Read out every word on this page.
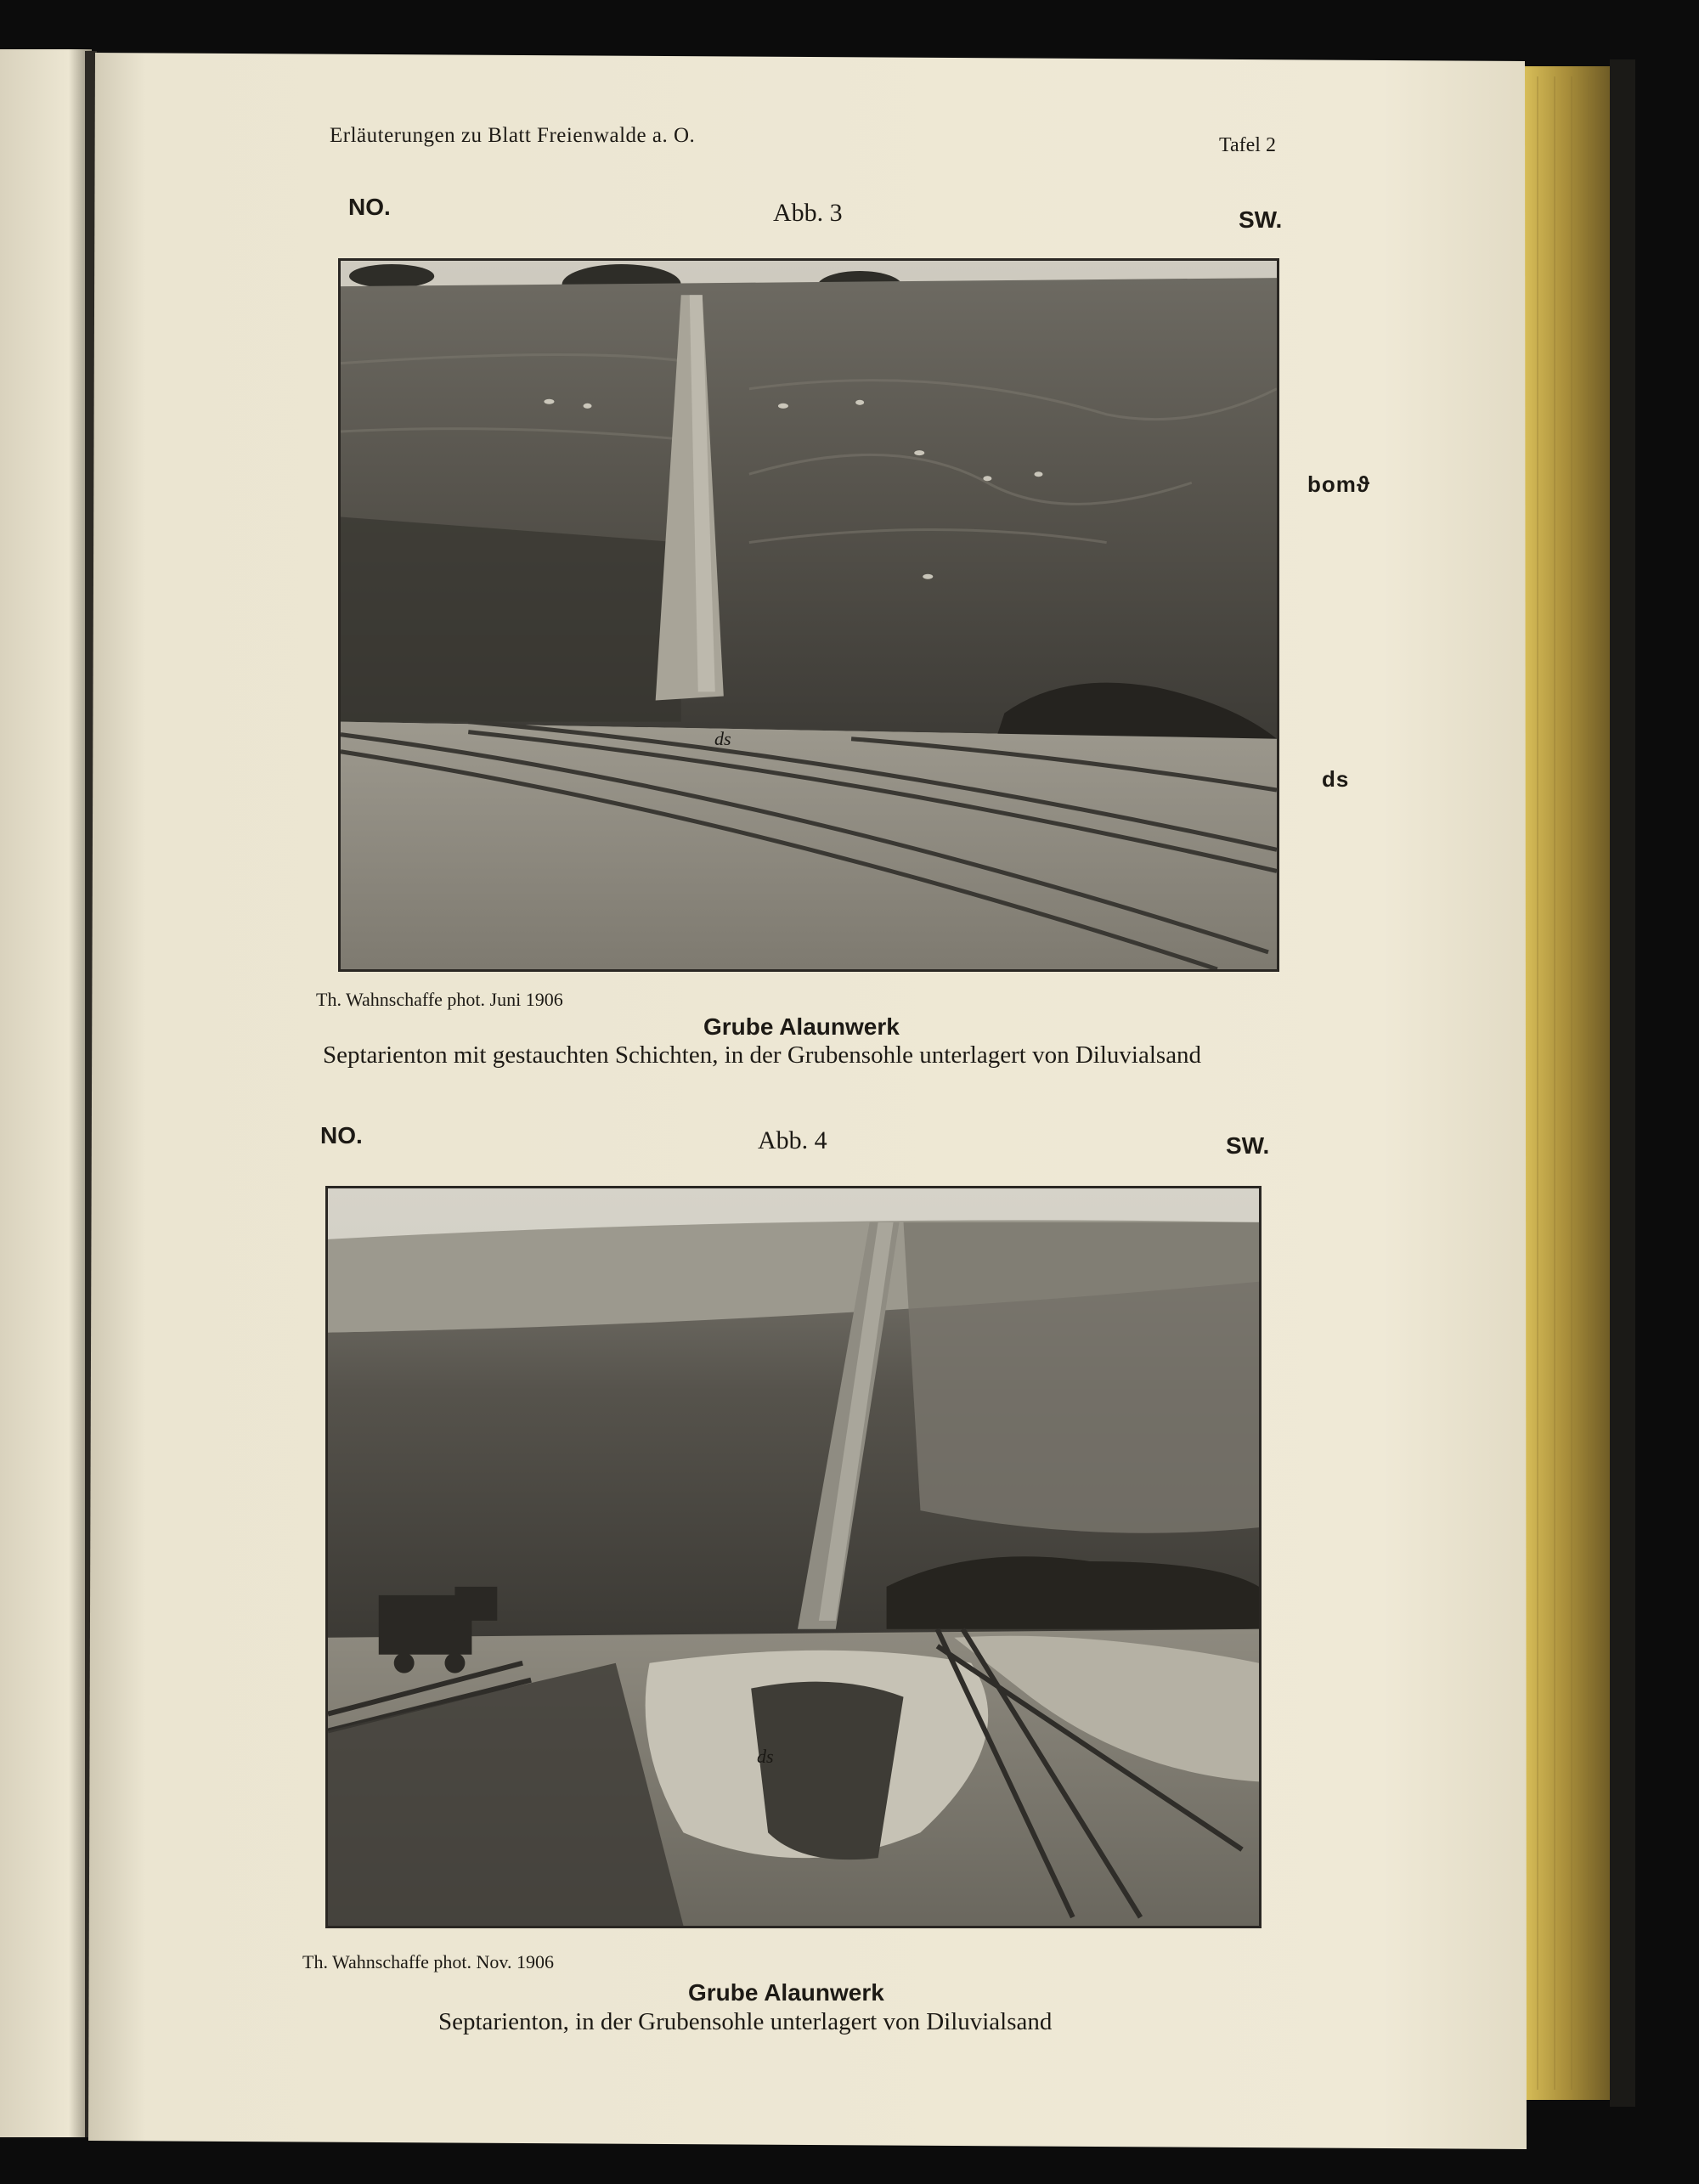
Erläuterungen zu Blatt Freienwalde a. O.	Tafel 2
NO.	Abb. 3	SW.
ds
bomϑ
ds
Th. Wahnschaffe phot. Juni 1906
Grube Alaunwerk
Septarienton mit gestauchten Schichten, in der Grubensohle unterlagert von Diluvialsand
NO.	Abb. 4	SW.
ds
Th. Wahnschaffe phot. Nov. 1906
Grube Alaunwerk
Septarienton, in der Grubensohle unterlagert von Diluvialsand
